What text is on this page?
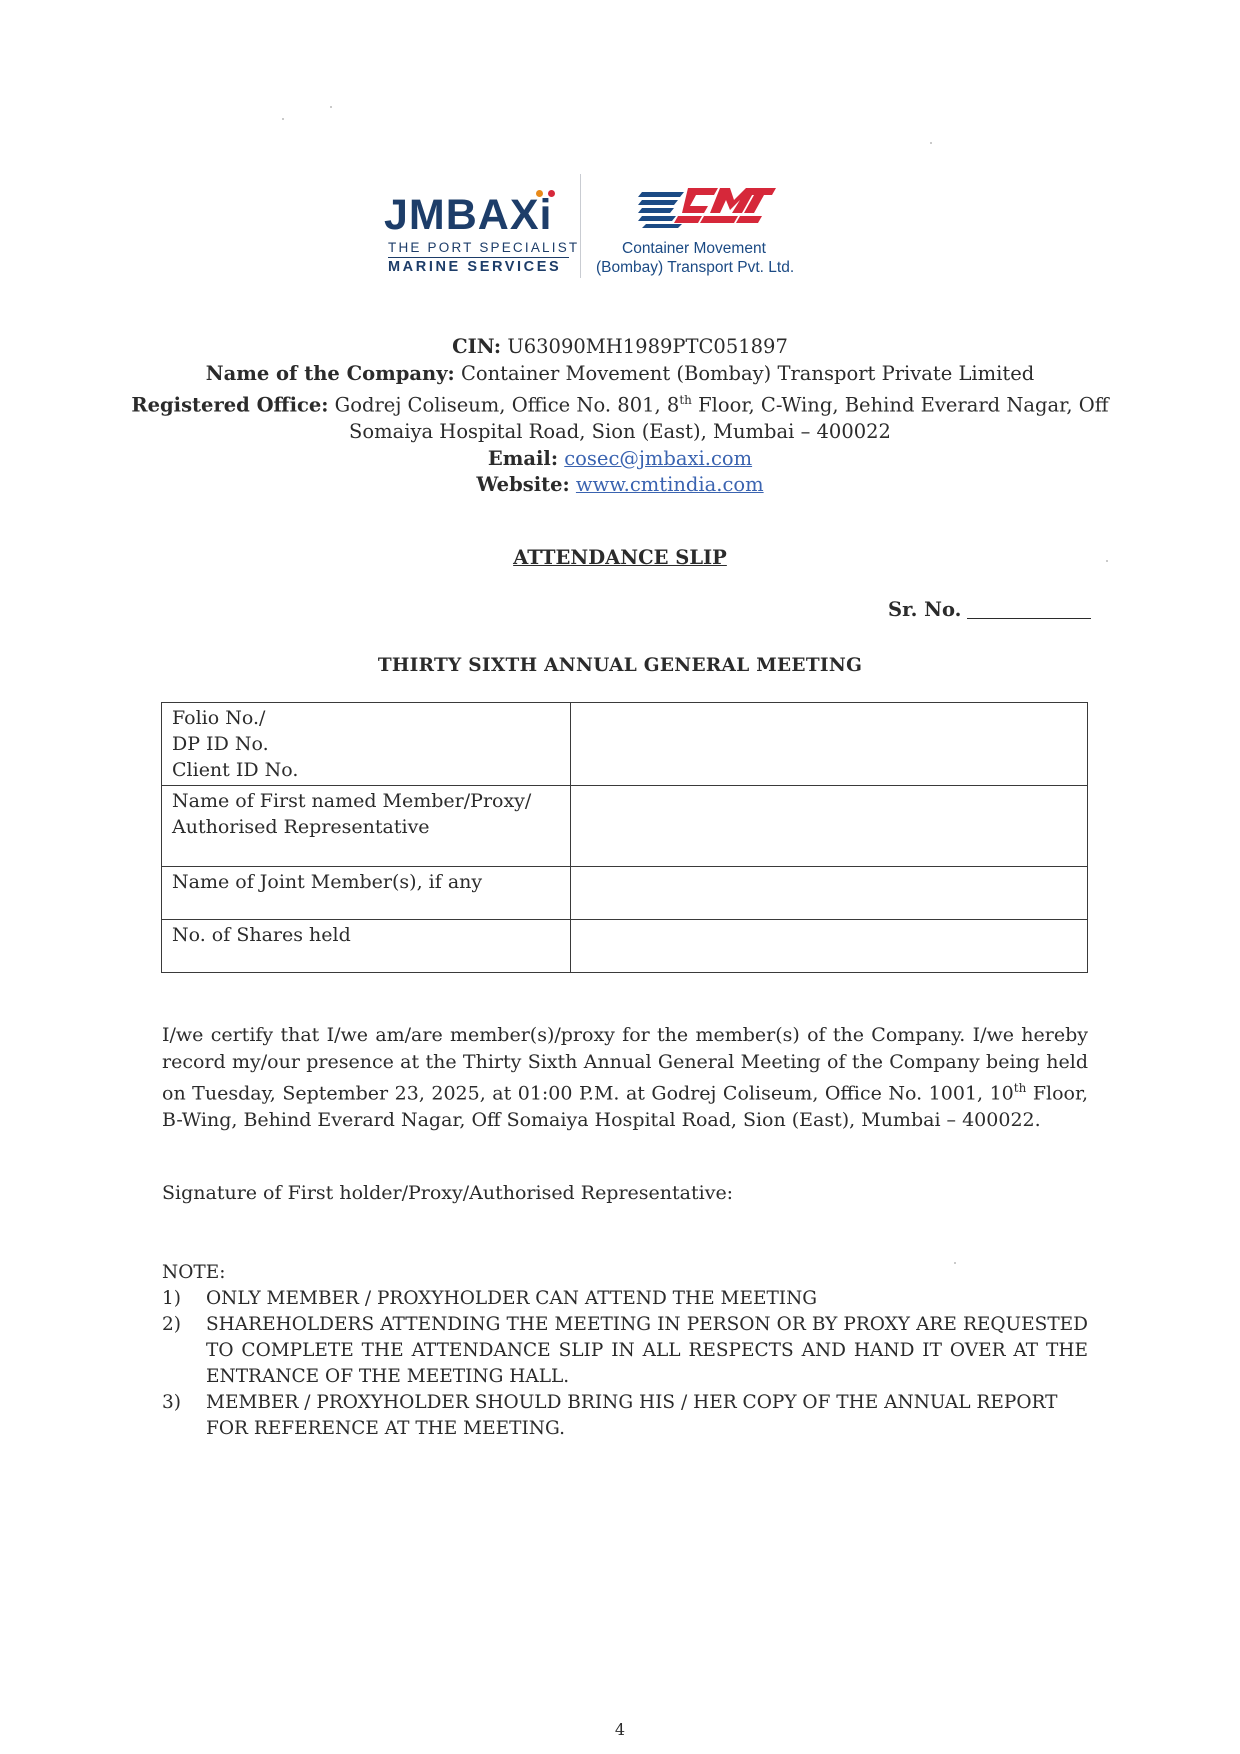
JMBAXi
THE PORT SPECIALIST
MARINE SERVICES
Container Movement
(Bombay) Transport Pvt. Ltd.
CIN: U63090MH1989PTC051897
Name of the Company: Container Movement (Bombay) Transport Private Limited
Registered Office: Godrej Coliseum, Office No. 801, 8th Floor, C-Wing, Behind Everard Nagar, Off
Somaiya Hospital Road, Sion (East), Mumbai – 400022
Email: cosec@jmbaxi.com
Website: www.cmtindia.com
ATTENDANCE SLIP
Sr. No.
THIRTY SIXTH ANNUAL GENERAL MEETING
Folio No./
DP ID No.
Client ID No.	

Name of First named Member/Proxy/
Authorised Representative	

Name of Joint Member(s), if any	
No. of Shares held	
I/we certify that I/we am/are member(s)/proxy for the member(s) of the Company. I/we hereby record my/our presence at the Thirty Sixth Annual General Meeting of the Company being held on Tuesday, September 23, 2025, at 01:00 P.M. at Godrej Coliseum, Office No. 1001, 10th Floor, B-Wing, Behind Everard Nagar, Off Somaiya Hospital Road, Sion (East), Mumbai – 400022.
Signature of First holder/Proxy/Authorised Representative:
NOTE:
1) ONLY MEMBER / PROXYHOLDER CAN ATTEND THE MEETING
2) SHAREHOLDERS ATTENDING THE MEETING IN PERSON OR BY PROXY ARE REQUESTED TO COMPLETE THE ATTENDANCE SLIP IN ALL RESPECTS AND HAND IT OVER AT THE ENTRANCE OF THE MEETING HALL.
3) MEMBER / PROXYHOLDER SHOULD BRING HIS / HER COPY OF THE ANNUAL REPORT FOR REFERENCE AT THE MEETING.
4
